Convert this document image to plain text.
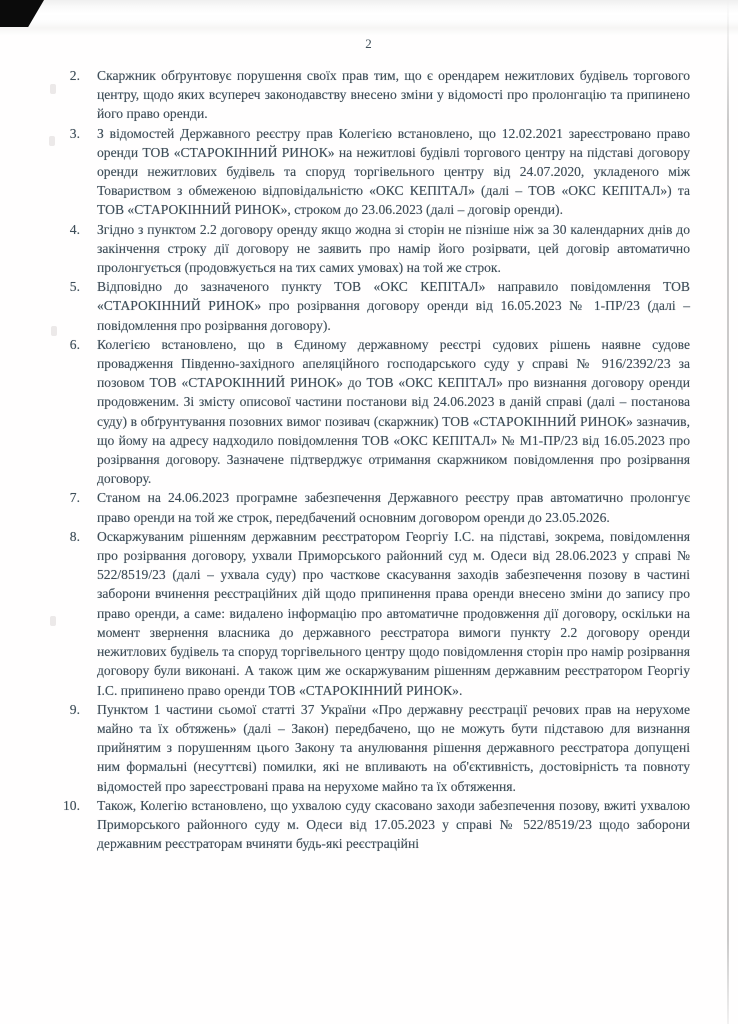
2
2. Скаржник обґрунтовує порушення своїх прав тим, що є орендарем нежитлових будівель торгового центру, щодо яких всупереч законодавству внесено зміни у відомості про пролонгацію та припинено його право оренди.
3. З відомостей Державного реєстру прав Колегією встановлено, що 12.02.2021 зареєстровано право оренди ТОВ «СТАРОКІННИЙ РИНОК» на нежитлові будівлі торгового центру на підставі договору оренди нежитлових будівель та споруд торгівельного центру від 24.07.2020, укладеного між Товариством з обмеженою відповідальністю «ОКС КЕПІТАЛ» (далі – ТОВ «ОКС КЕПІТАЛ») та ТОВ «СТАРОКІННИЙ РИНОК», строком до 23.06.2023 (далі – договір оренди).
4. Згідно з пунктом 2.2 договору оренду якщо жодна зі сторін не пізніше ніж за 30 календарних днів до закінчення строку дії договору не заявить про намір його розірвати, цей договір автоматично пролонгується (продовжується на тих самих умовах) на той же строк.
5. Відповідно до зазначеного пункту ТОВ «ОКС КЕПІТАЛ» направило повідомлення ТОВ «СТАРОКІННИЙ РИНОК» про розірвання договору оренди від 16.05.2023 № 1-ПР/23 (далі – повідомлення про розірвання договору).
6. Колегією встановлено, що в Єдиному державному реєстрі судових рішень наявне судове провадження Південно-західного апеляційного господарського суду у справі № 916/2392/23 за позовом ТОВ «СТАРОКІННИЙ РИНОК» до ТОВ «ОКС КЕПІТАЛ» про визнання договору оренди продовженим. Зі змісту описової частини постанови від 24.06.2023 в даній справі (далі – постанова суду) в обґрунтування позовних вимог позивач (скаржник) ТОВ «СТАРОКІННИЙ РИНОК» зазначив, що йому на адресу надходило повідомлення ТОВ «ОКС КЕПІТАЛ» № М1-ПР/23 від 16.05.2023 про розірвання договору. Зазначене підтверджує отримання скаржником повідомлення про розірвання договору.
7. Станом на 24.06.2023 програмне забезпечення Державного реєстру прав автоматично пролонгує право оренди на той же строк, передбачений основним договором оренди до 23.05.2026.
8. Оскаржуваним рішенням державним реєстратором Георгіу І.С. на підставі, зокрема, повідомлення про розірвання договору, ухвали Приморського районний суд м. Одеси від 28.06.2023 у справі № 522/8519/23 (далі – ухвала суду) про часткове скасування заходів забезпечення позову в частині заборони вчинення реєстраційних дій щодо припинення права оренди внесено зміни до запису про право оренди, а саме: видалено інформацію про автоматичне продовження дії договору, оскільки на момент звернення власника до державного реєстратора вимоги пункту 2.2 договору оренди нежитлових будівель та споруд торгівельного центру щодо повідомлення сторін про намір розірвання договору були виконані. А також цим же оскаржуваним рішенням державним реєстратором Георгіу І.С. припинено право оренди ТОВ «СТАРОКІННИЙ РИНОК».
9. Пунктом 1 частини сьомої статті 37 України «Про державну реєстрації речових прав на нерухоме майно та їх обтяжень» (далі – Закон) передбачено, що не можуть бути підставою для визнання прийнятим з порушенням цього Закону та анулювання рішення державного реєстратора допущені ним формальні (несуттєві) помилки, які не впливають на об'єктивність, достовірність та повноту відомостей про зареєстровані права на нерухоме майно та їх обтяження.
10. Також, Колегію встановлено, що ухвалою суду скасовано заходи забезпечення позову, вжиті ухвалою Приморського районного суду м. Одеси від 17.05.2023 у справі № 522/8519/23 щодо заборони державним реєстраторам вчиняти будь-які реєстраційні
